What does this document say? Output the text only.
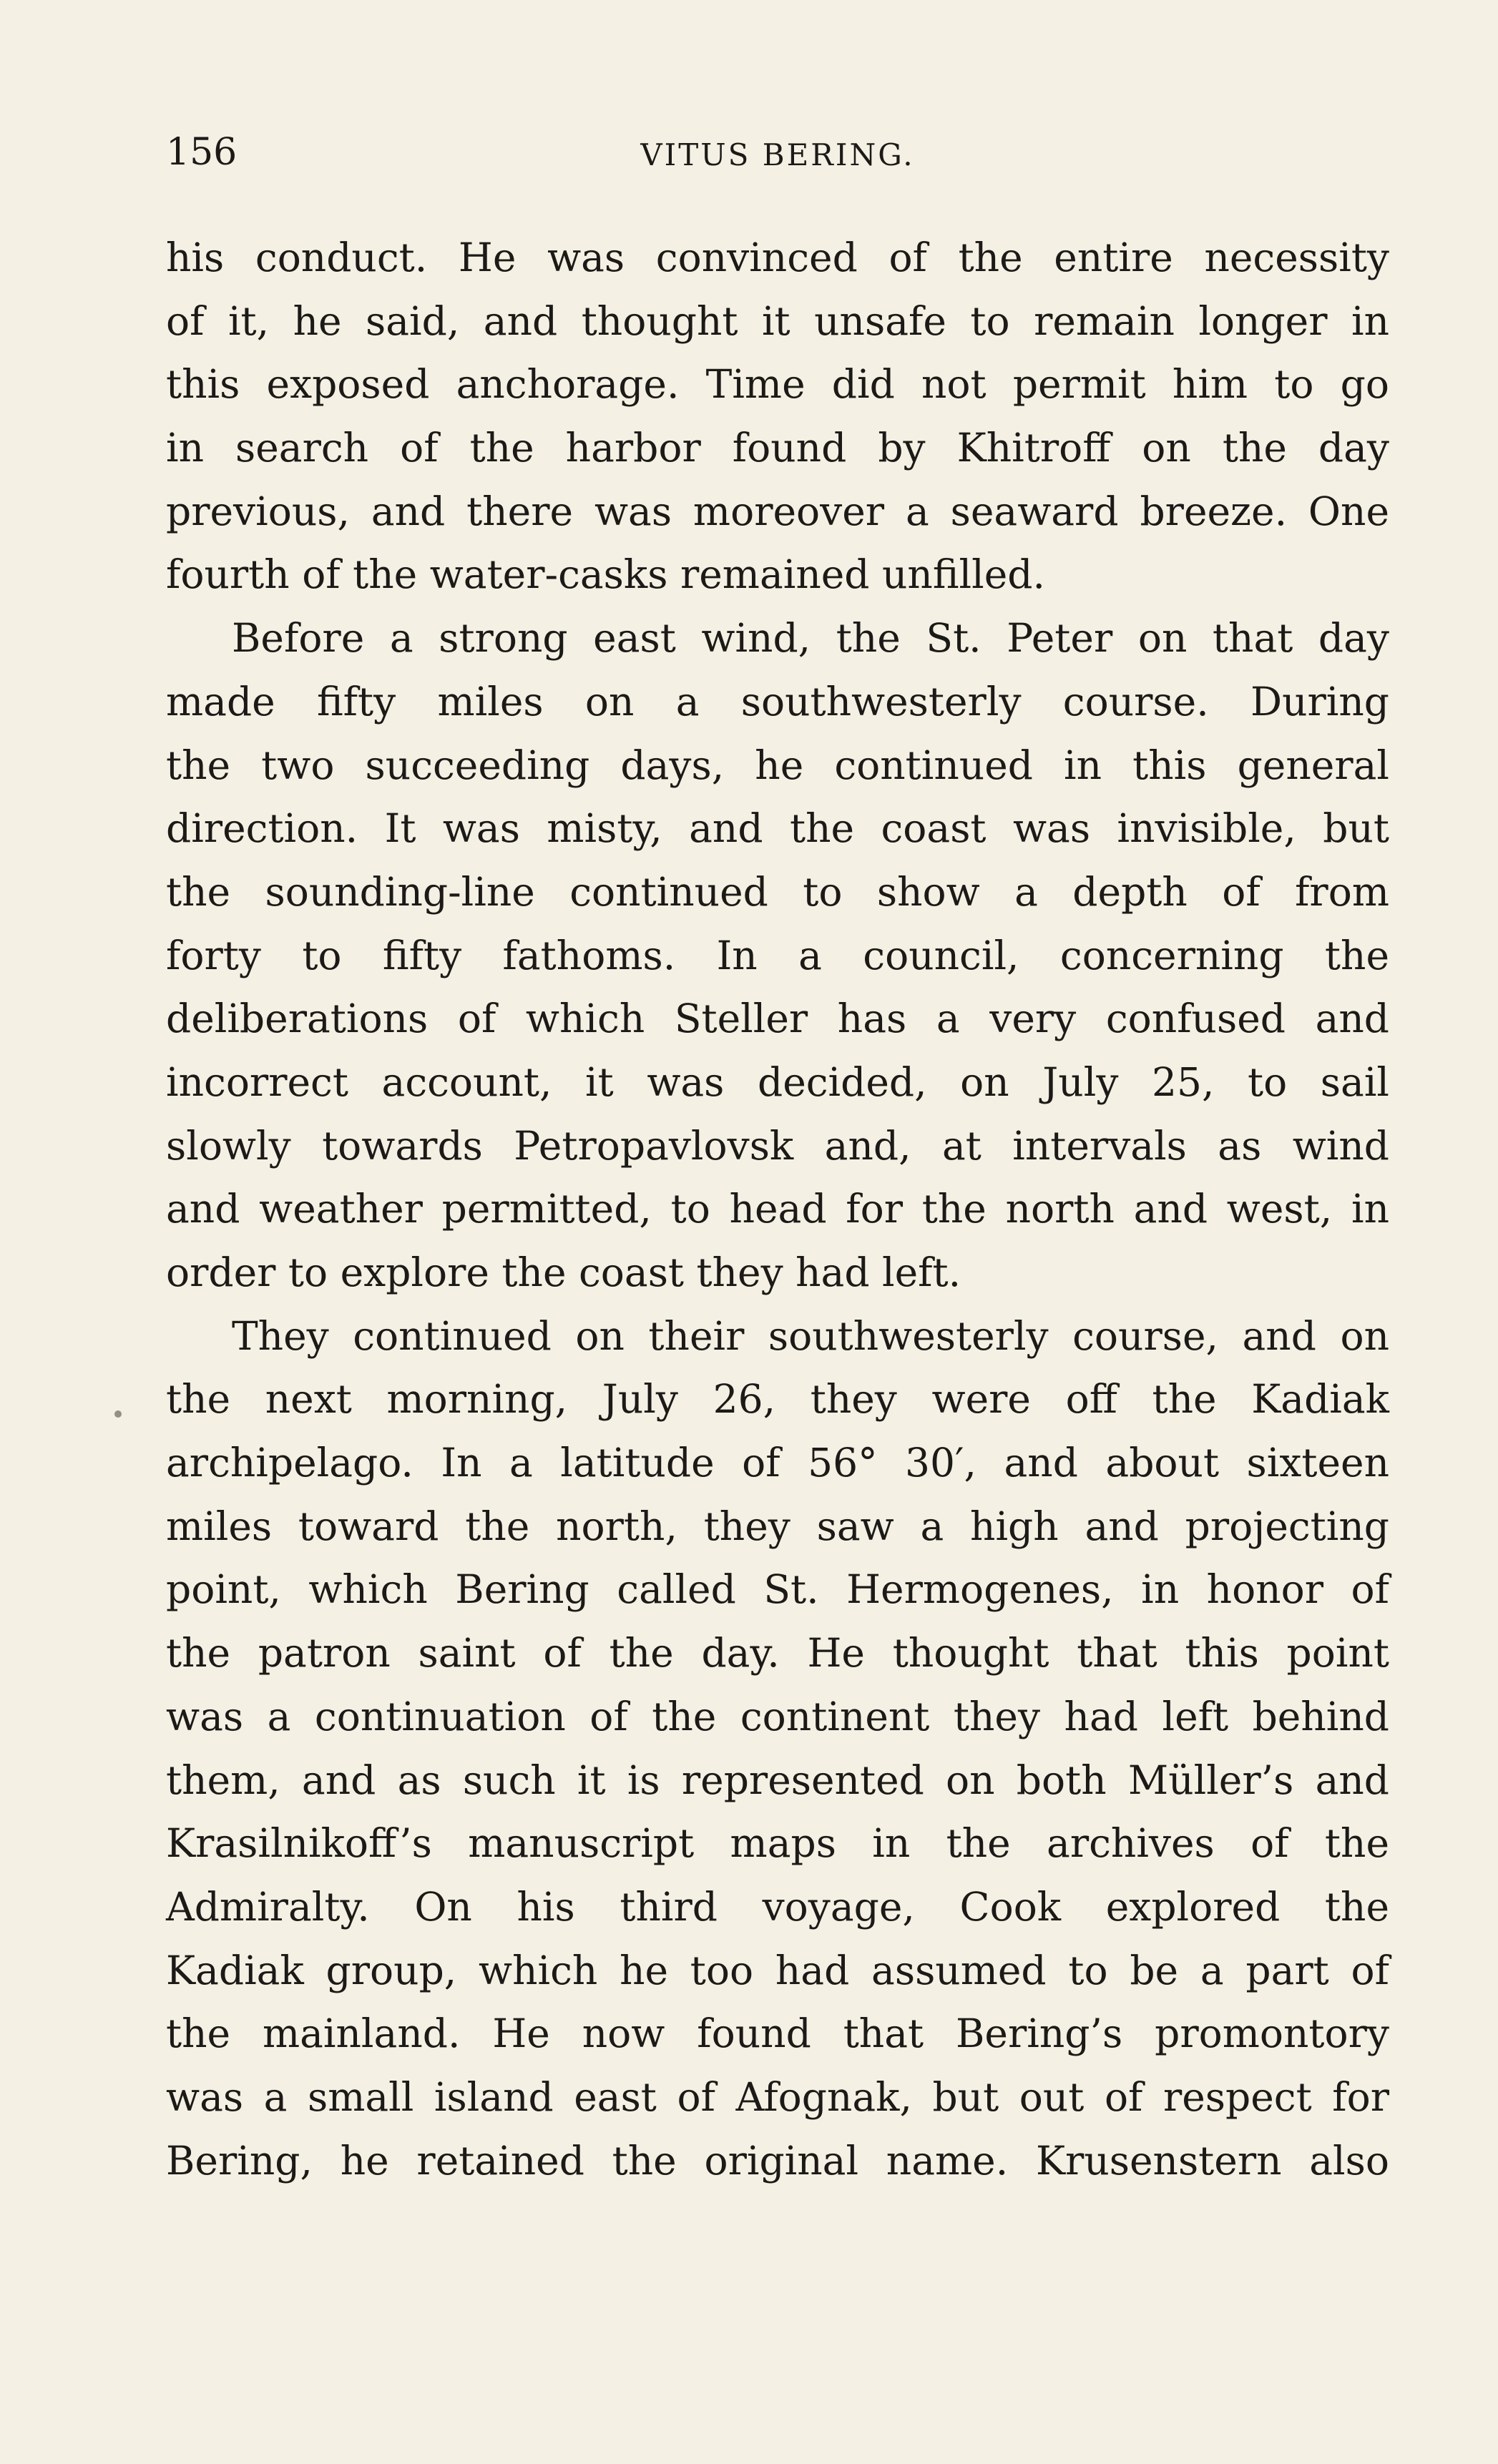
156	VITUS BERING.
his conduct. He was convinced of the entire necessity
of it, he said, and thought it unsafe to remain longer in
this exposed anchorage. Time did not permit him to go
in search of the harbor found by Khitroff on the day
previous, and there was moreover a seaward breeze. One
fourth of the water-casks remained unfilled.
Before a strong east wind, the St. Peter on that day
made fifty miles on a southwesterly course. During
the two succeeding days, he continued in this general
direction. It was misty, and the coast was invisible, but
the sounding-line continued to show a depth of from
forty to fifty fathoms. In a council, concerning the
deliberations of which Steller has a very confused and
incorrect account, it was decided, on July 25, to sail
slowly towards Petropavlovsk and, at intervals as wind
and weather permitted, to head for the north and west, in
order to explore the coast they had left.
They continued on their southwesterly course, and on
the next morning, July 26, they were off the Kadiak
archipelago. In a latitude of 56° 30′, and about sixteen
miles toward the north, they saw a high and projecting
point, which Bering called St. Hermogenes, in honor of
the patron saint of the day. He thought that this point
was a continuation of the continent they had left behind
them, and as such it is represented on both Müller’s and
Krasilnikoff’s manuscript maps in the archives of the
Admiralty. On his third voyage, Cook explored the
Kadiak group, which he too had assumed to be a part of
the mainland. He now found that Bering’s promontory
was a small island east of Afognak, but out of respect for
Bering, he retained the original name. Krusenstern also
